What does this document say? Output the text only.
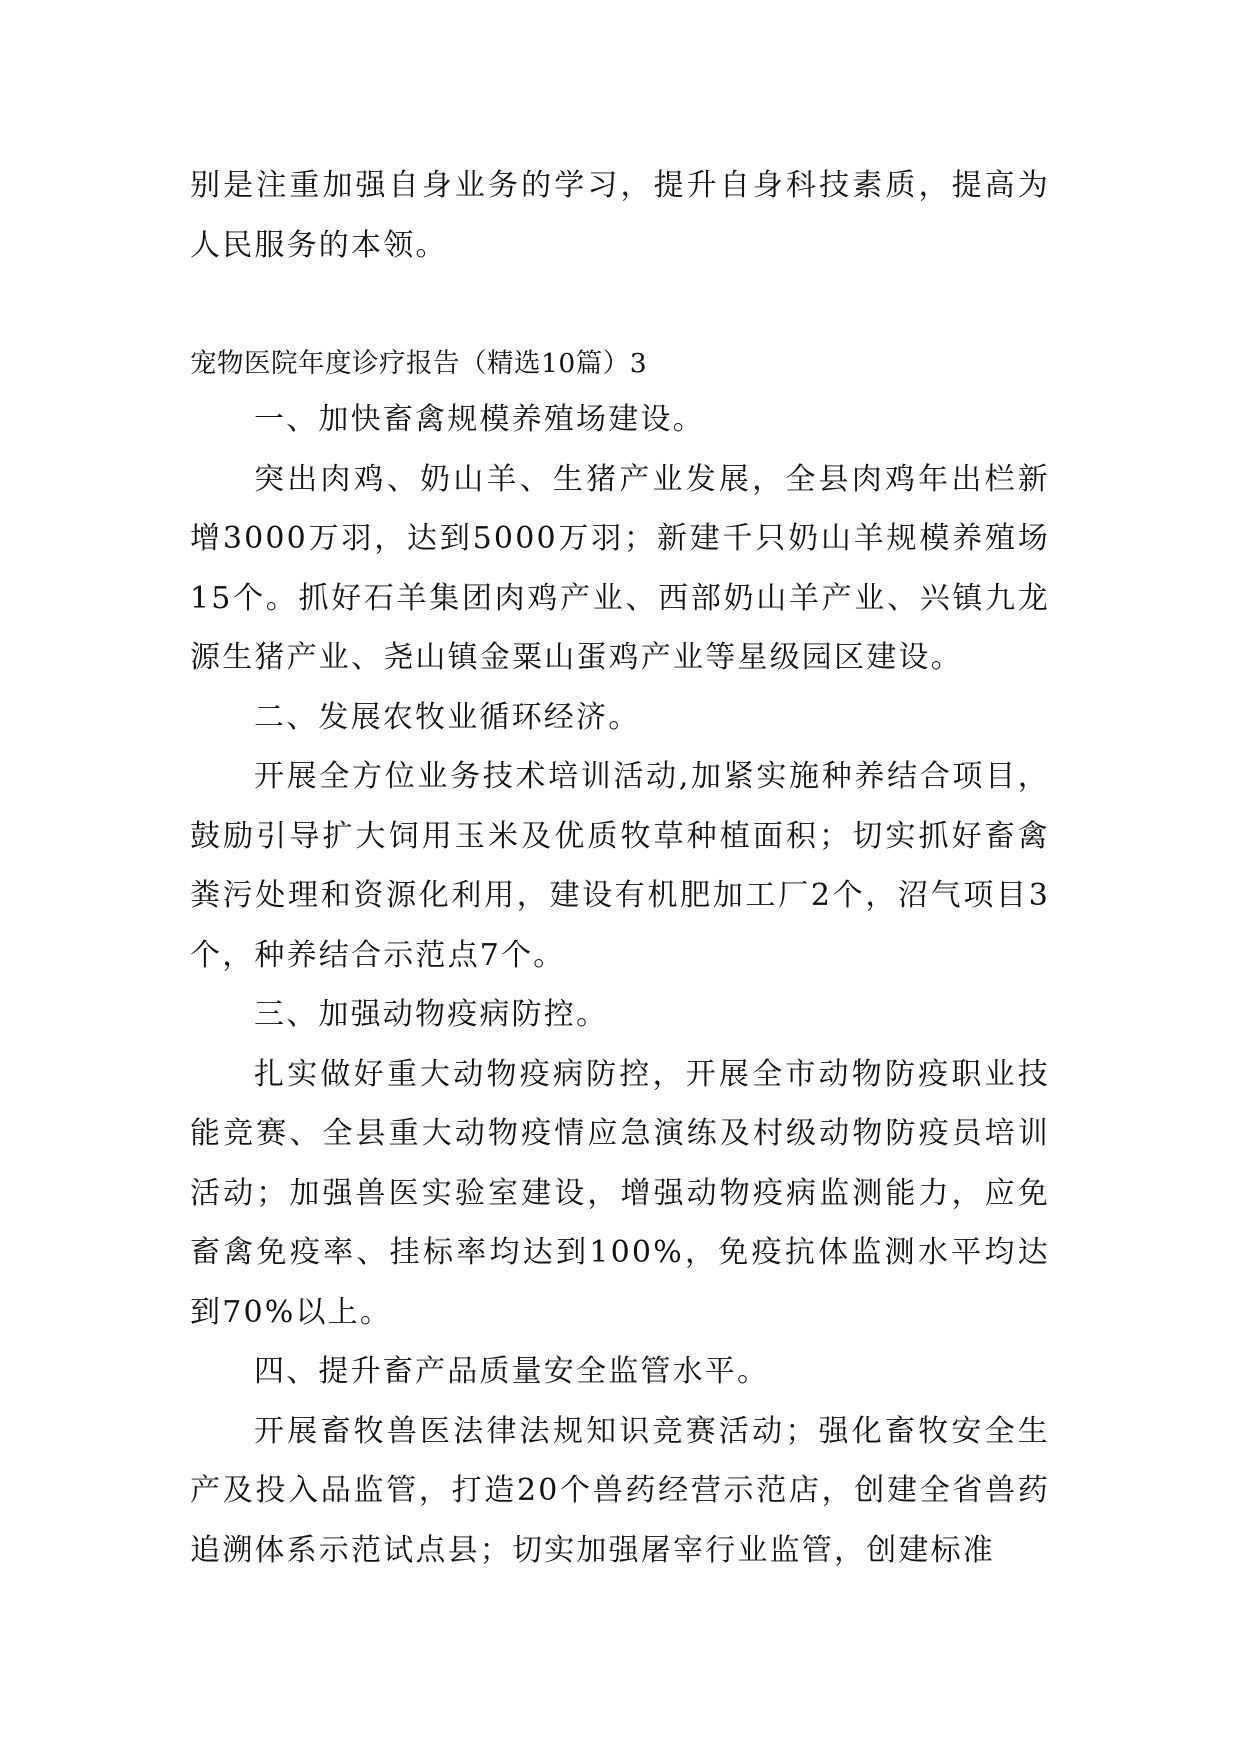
别是注重加强自身业务的学习，提升自身科技素质，提高为人民服务的本领。

宠物医院年度诊疗报告（精选10篇）3

一、加快畜禽规模养殖场建设。

突出肉鸡、奶山羊、生猪产业发展，全县肉鸡年出栏新增3000万羽，达到5000万羽；新建千只奶山羊规模养殖场15个。抓好石羊集团肉鸡产业、西部奶山羊产业、兴镇九龙源生猪产业、尧山镇金粟山蛋鸡产业等星级园区建设。

二、发展农牧业循环经济。

开展全方位业务技术培训活动,加紧实施种养结合项目，鼓励引导扩大饲用玉米及优质牧草种植面积；切实抓好畜禽粪污处理和资源化利用，建设有机肥加工厂2个，沼气项目3个，种养结合示范点7个。

三、加强动物疫病防控。

扎实做好重大动物疫病防控，开展全市动物防疫职业技能竞赛、全县重大动物疫情应急演练及村级动物防疫员培训活动；加强兽医实验室建设，增强动物疫病监测能力，应免畜禽免疫率、挂标率均达到100%，免疫抗体监测水平均达到70%以上。

四、提升畜产品质量安全监管水平。

开展畜牧兽医法律法规知识竞赛活动；强化畜牧安全生产及投入品监管，打造20个兽药经营示范店，创建全省兽药追溯体系示范试点县；切实加强屠宰行业监管，创建标准
